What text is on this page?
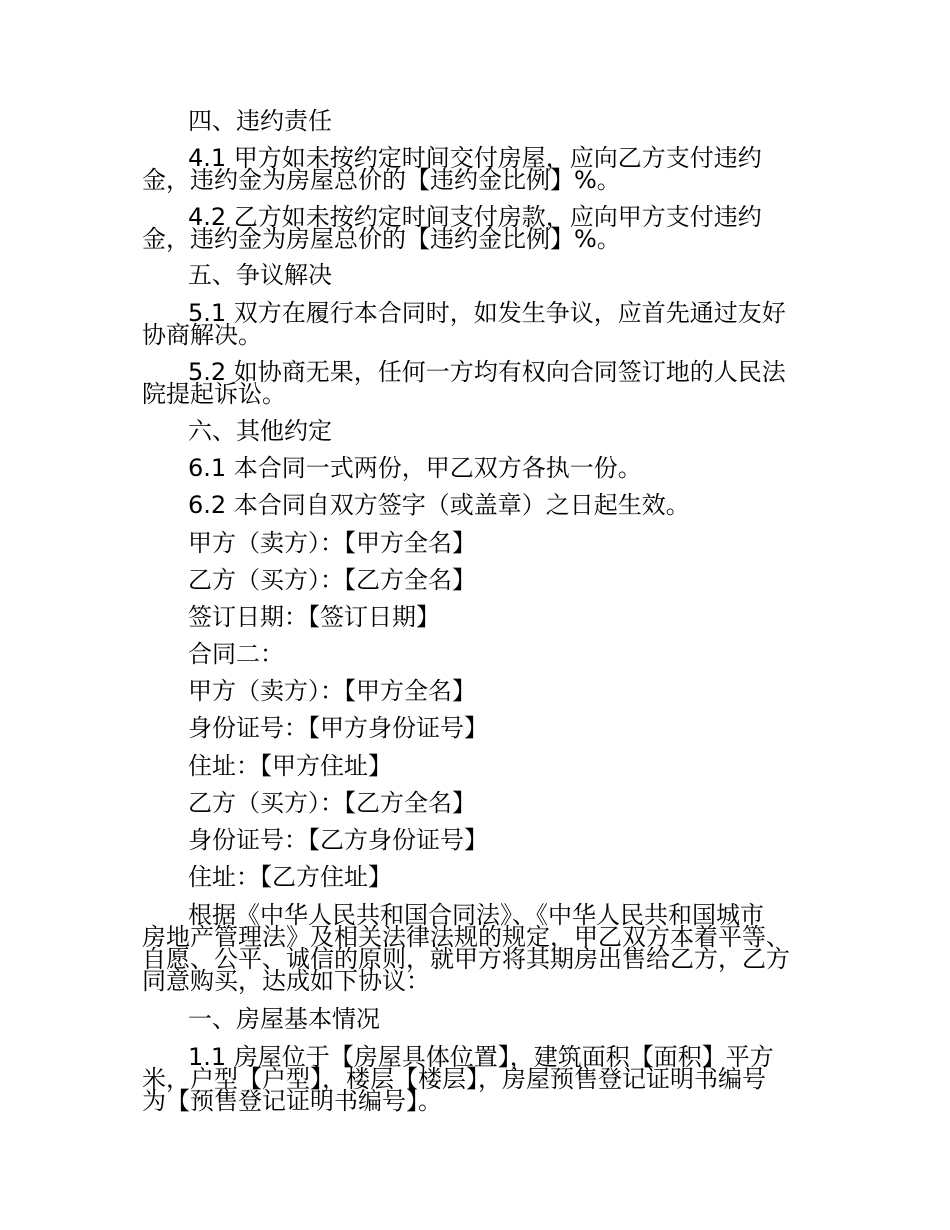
四、违约责任
4.1 甲方如未按约定时间交付房屋，应向乙方支付违约
金，违约金为房屋总价的【违约金比例】%。
4.2 乙方如未按约定时间支付房款，应向甲方支付违约
金，违约金为房屋总价的【违约金比例】%。
五、争议解决
5.1 双方在履行本合同时，如发生争议，应首先通过友好
协商解决。
5.2 如协商无果，任何一方均有权向合同签订地的人民法
院提起诉讼。
六、其他约定
6.1 本合同一式两份，甲乙双方各执一份。
6.2 本合同自双方签字（或盖章）之日起生效。
甲方（卖方）：【甲方全名】
乙方（买方）：【乙方全名】
签订日期：【签订日期】
合同二：
甲方（卖方）：【甲方全名】
身份证号：【甲方身份证号】
住址：【甲方住址】
乙方（买方）：【乙方全名】
身份证号：【乙方身份证号】
住址：【乙方住址】
根据《中华人民共和国合同法》、《中华人民共和国城市
房地产管理法》及相关法律法规的规定，甲乙双方本着平等、
自愿、公平、诚信的原则，就甲方将其期房出售给乙方，乙方
同意购买，达成如下协议：
一、房屋基本情况
1.1 房屋位于【房屋具体位置】，建筑面积【面积】平方
米，户型【户型】，楼层【楼层】，房屋预售登记证明书编号
为【预售登记证明书编号】。
